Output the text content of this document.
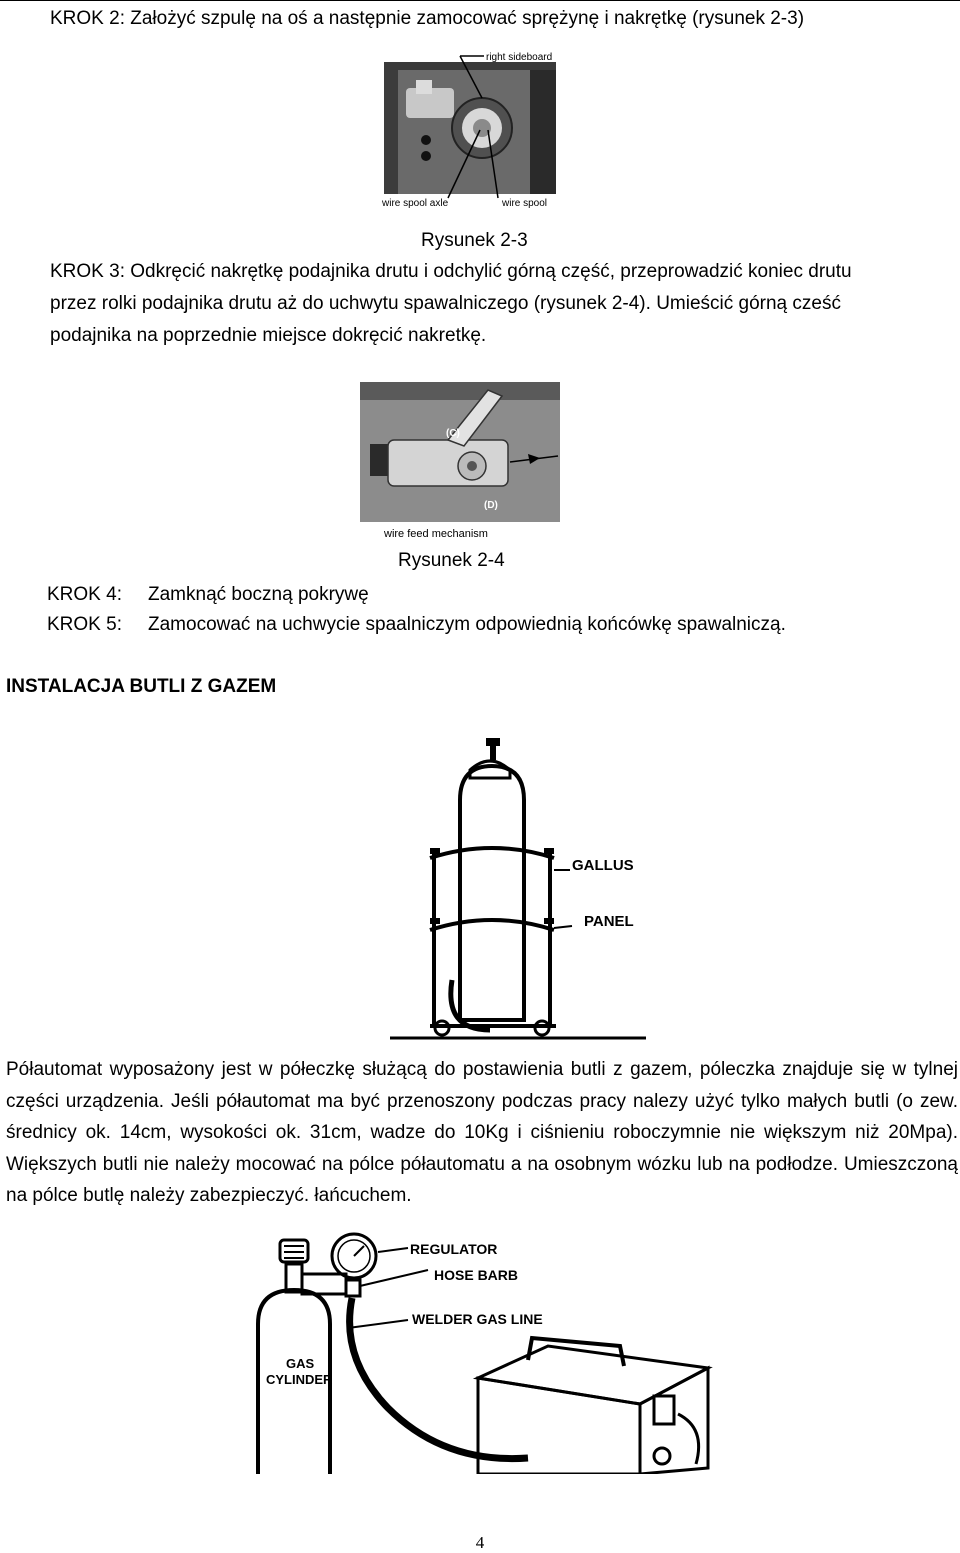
KROK 2: Założyć szpulę na oś a następnie zamocować sprężynę i nakrętkę (rysunek 2-3)
right sideboard
wire spool axle	wire spool
Rysunek 2-3
KROK 3: Odkręcić nakrętkę podajnika drutu i odchylić górną część, przeprowadzić koniec drutu
przez rolki podajnika drutu aż do uchwytu spawalniczego (rysunek 2-4). Umieścić górną cześć
podajnika na poprzednie miejsce dokręcić nakretkę.
(C)
(D)
wire feed mechanism
Rysunek 2-4
KROK 4: Zamknąć boczną pokrywę
KROK 5: Zamocować na uchwycie spaalniczym odpowiednią końcówkę spawalniczą.
INSTALACJA BUTLI Z GAZEM
GALLUS
PANEL
Półautomat wyposażony jest w półeczkę służącą do postawienia butli z gazem, póleczka znajduje się w tylnej części urządzenia. Jeśli półautomat ma być przenoszony podczas pracy nalezy użyć tylko małych butli (o zew. średnicy ok. 14cm, wysokości ok. 31cm, wadze do 10Kg i ciśnieniu roboczymnie nie większym niż 20Mpa). Większych butli nie należy mocować na pólce półautomatu a na osobnym wózku lub na podłodze. Umieszczoną na pólce butlę należy zabezpieczyć. łańcuchem.
REGULATOR
HOSE BARB
WELDER GAS LINE
GAS
CYLINDER
4
